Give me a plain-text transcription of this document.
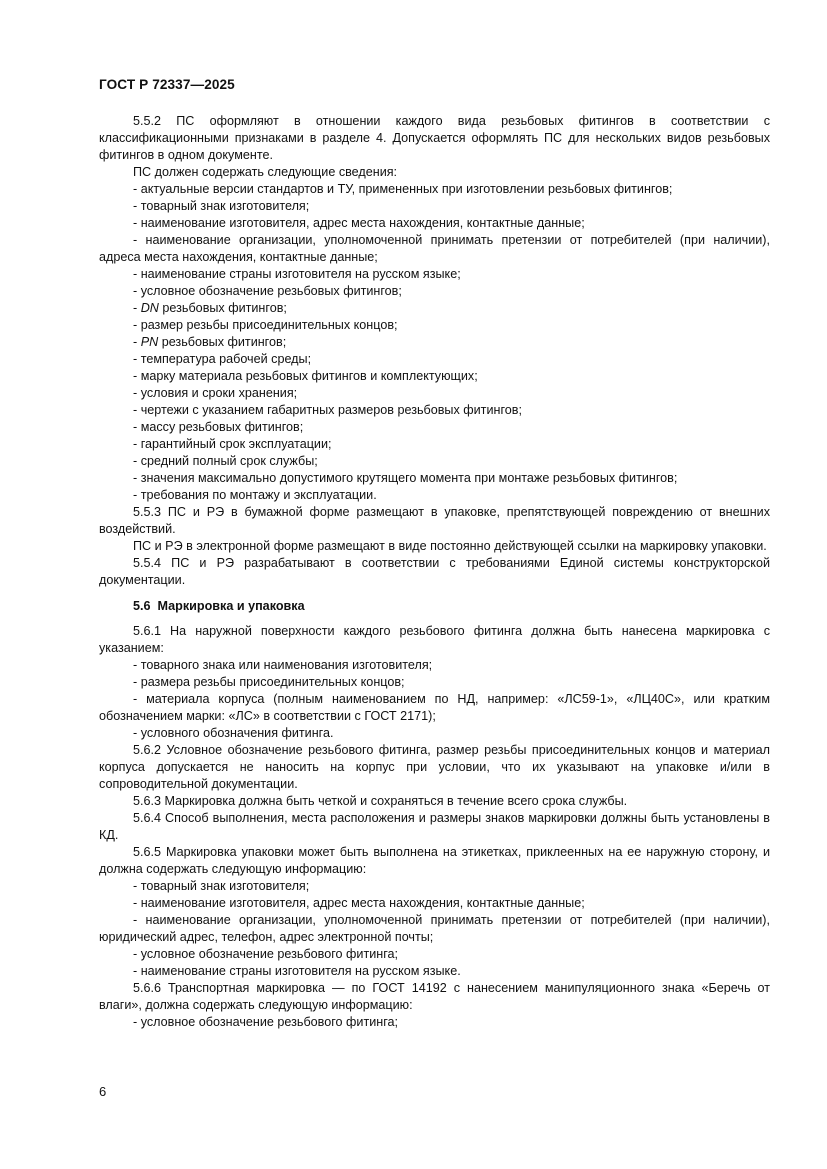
ГОСТ Р 72337—2025

5.5.2 ПС оформляют в отношении каждого вида резьбовых фитингов в соответствии с классификационными признаками в разделе 4. Допускается оформлять ПС для нескольких видов резьбовых фитингов в одном документе.

ПС должен содержать следующие сведения:

- актуальные версии стандартов и ТУ, примененных при изготовлении резьбовых фитингов;

- товарный знак изготовителя;

- наименование изготовителя, адрес места нахождения, контактные данные;

- наименование организации, уполномоченной принимать претензии от потребителей (при наличии), адреса места нахождения, контактные данные;

- наименование страны изготовителя на русском языке;

- условное обозначение резьбовых фитингов;

- DN резьбовых фитингов;

- размер резьбы присоединительных концов;

- PN резьбовых фитингов;

- температура рабочей среды;

- марку материала резьбовых фитингов и комплектующих;

- условия и сроки хранения;

- чертежи с указанием габаритных размеров резьбовых фитингов;

- массу резьбовых фитингов;

- гарантийный срок эксплуатации;

- средний полный срок службы;

- значения максимально допустимого крутящего момента при монтаже резьбовых фитингов;

- требования по монтажу и эксплуатации.

5.5.3 ПС и РЭ в бумажной форме размещают в упаковке, препятствующей повреждению от внешних воздействий.

ПС и РЭ в электронной форме размещают в виде постоянно действующей ссылки на маркировку упаковки.

5.5.4 ПС и РЭ разрабатывают в соответствии с требованиями Единой системы конструкторской документации.

5.6 Маркировка и упаковка

5.6.1 На наружной поверхности каждого резьбового фитинга должна быть нанесена маркировка с указанием:

- товарного знака или наименования изготовителя;

- размера резьбы присоединительных концов;

- материала корпуса (полным наименованием по НД, например: «ЛС59-1», «ЛЦ40С», или кратким обозначением марки: «ЛС» в соответствии с ГОСТ 2171);

- условного обозначения фитинга.

5.6.2 Условное обозначение резьбового фитинга, размер резьбы присоединительных концов и материал корпуса допускается не наносить на корпус при условии, что их указывают на упаковке и/или в сопроводительной документации.

5.6.3 Маркировка должна быть четкой и сохраняться в течение всего срока службы.

5.6.4 Способ выполнения, места расположения и размеры знаков маркировки должны быть установлены в КД.

5.6.5 Маркировка упаковки может быть выполнена на этикетках, приклеенных на ее наружную сторону, и должна содержать следующую информацию:

- товарный знак изготовителя;

- наименование изготовителя, адрес места нахождения, контактные данные;

- наименование организации, уполномоченной принимать претензии от потребителей (при наличии), юридический адрес, телефон, адрес электронной почты;

- условное обозначение резьбового фитинга;

- наименование страны изготовителя на русском языке.

5.6.6 Транспортная маркировка — по ГОСТ 14192 с нанесением манипуляционного знака «Беречь от влаги», должна содержать следующую информацию:

- условное обозначение резьбового фитинга;

6
